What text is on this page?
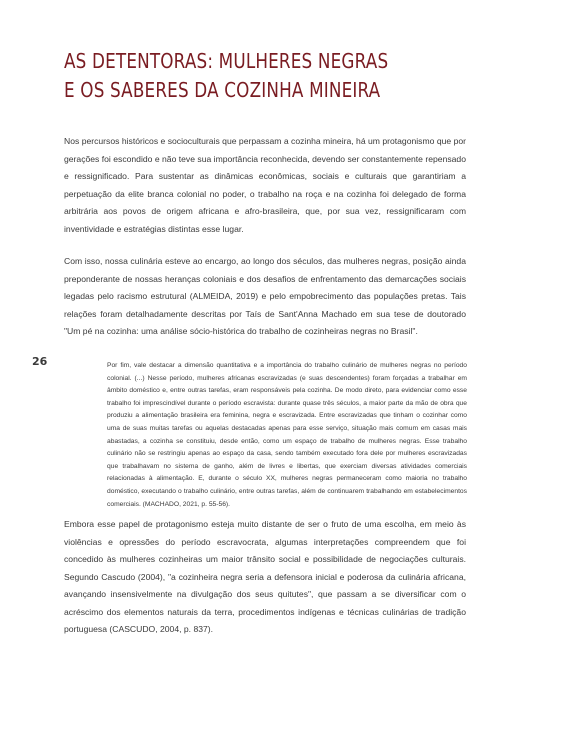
AS DETENTORAS: MULHERES NEGRAS
E OS SABERES DA COZINHA MINEIRA

Nos percursos históricos e socioculturais que perpassam a cozinha mineira, há um protagonismo que por gerações foi escondido e não teve sua importância reconhecida, devendo ser constantemente repensado e ressignificado. Para sustentar as dinâmicas econômicas, sociais e culturais que garantiriam a perpetuação da elite branca colonial no poder, o trabalho na roça e na cozinha foi delegado de forma arbitrária aos povos de origem africana e afro-brasileira, que, por sua vez, ressignificaram com inventividade e estratégias distintas esse lugar.

Com isso, nossa culinária esteve ao encargo, ao longo dos séculos, das mulheres negras, posição ainda preponderante de nossas heranças coloniais e dos desafios de enfrentamento das demarcações sociais legadas pelo racismo estrutural (ALMEIDA, 2019) e pelo empobrecimento das populações pretas. Tais relações foram detalhadamente descritas por Taís de Sant'Anna Machado em sua tese de doutorado "Um pé na cozinha: uma análise sócio-histórica do trabalho de cozinheiras negras no Brasil".

26	Por fim, vale destacar a dimensão quantitativa e a importância do trabalho culinário de mulheres negras no período colonial. (...) Nesse período, mulheres africanas escravizadas (e suas descendentes) foram forçadas a trabalhar em âmbito doméstico e, entre outras tarefas, eram responsáveis pela cozinha. De modo direto, para evidenciar como esse trabalho foi imprescindível durante o período escravista: durante quase três séculos, a maior parte da mão de obra que produziu a alimentação brasileira era feminina, negra e escravizada. Entre escravizadas que tinham o cozinhar como uma de suas muitas tarefas ou aquelas destacadas apenas para esse serviço, situação mais comum em casas mais abastadas, a cozinha se constituiu, desde então, como um espaço de trabalho de mulheres negras. Esse trabalho culinário não se restringiu apenas ao espaço da casa, sendo também executado fora dele por mulheres escravizadas que trabalhavam no sistema de ganho, além de livres e libertas, que exerciam diversas atividades comerciais relacionadas à alimentação. E, durante o século XX, mulheres negras permaneceram como maioria no trabalho doméstico, executando o trabalho culinário, entre outras tarefas, além de continuarem trabalhando em estabelecimentos comerciais. (MACHADO, 2021, p. 55-56).

Embora esse papel de protagonismo esteja muito distante de ser o fruto de uma escolha, em meio às violências e opressões do período escravocrata, algumas interpretações compreendem que foi concedido às mulheres cozinheiras um maior trânsito social e possibilidade de negociações culturais. Segundo Cascudo (2004), "a cozinheira negra seria a defensora inicial e poderosa da culinária africana, avançando insensivelmente na divulgação dos seus quitutes", que passam a se diversificar com o acréscimo dos elementos naturais da terra, procedimentos indígenas e técnicas culinárias de tradição portuguesa (CASCUDO, 2004, p. 837).
